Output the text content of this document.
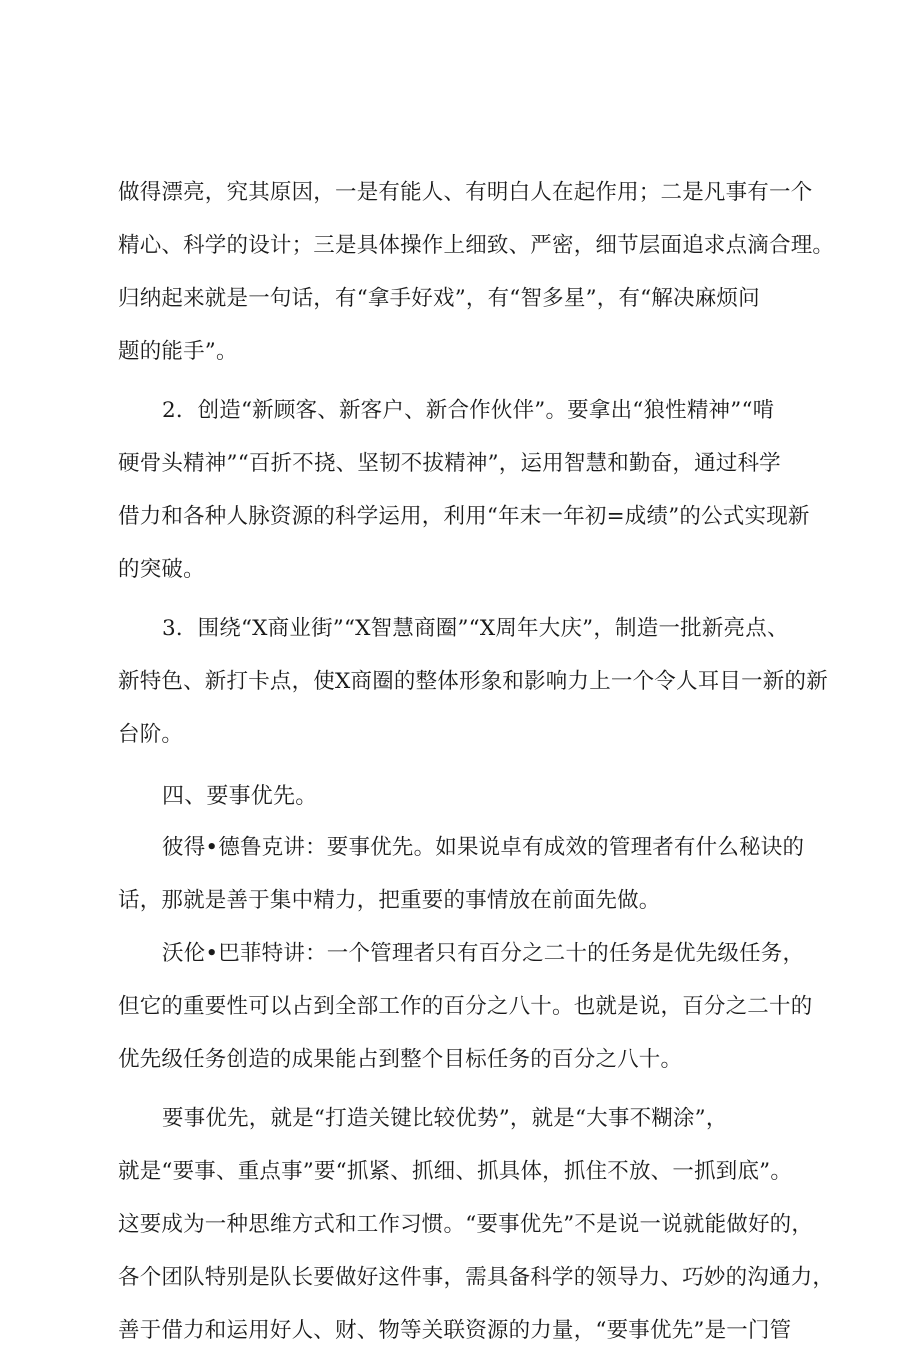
做得漂亮，究其原因，一是有能人、有明白人在起作用；二是凡事有一个
精心、科学的设计；三是具体操作上细致、严密，细节层面追求点滴合理。
归纳起来就是一句话，有“拿手好戏”，有“智多星”，有“解决麻烦问
题的能手”。
2．创造“新顾客、新客户、新合作伙伴”。要拿出“狼性精神”“啃
硬骨头精神”“百折不挠、坚韧不拔精神”，运用智慧和勤奋，通过科学
借力和各种人脉资源的科学运用，利用“年末一年初=成绩”的公式实现新
的突破。
3．围绕“X商业街”“X智慧商圈”“X周年大庆”，制造一批新亮点、
新特色、新打卡点，使X商圈的整体形象和影响力上一个令人耳目一新的新
台阶。
四、要事优先。
彼得•德鲁克讲：要事优先。如果说卓有成效的管理者有什么秘诀的
话，那就是善于集中精力，把重要的事情放在前面先做。
沃伦•巴菲特讲：一个管理者只有百分之二十的任务是优先级任务，
但它的重要性可以占到全部工作的百分之八十。也就是说，百分之二十的
优先级任务创造的成果能占到整个目标任务的百分之八十。
要事优先，就是“打造关键比较优势”，就是“大事不糊涂”，
就是“要事、重点事”要“抓紧、抓细、抓具体，抓住不放、一抓到底”。
这要成为一种思维方式和工作习惯。“要事优先”不是说一说就能做好的，
各个团队特别是队长要做好这件事，需具备科学的领导力、巧妙的沟通力，
善于借力和运用好人、财、物等关联资源的力量，“要事优先”是一门管
